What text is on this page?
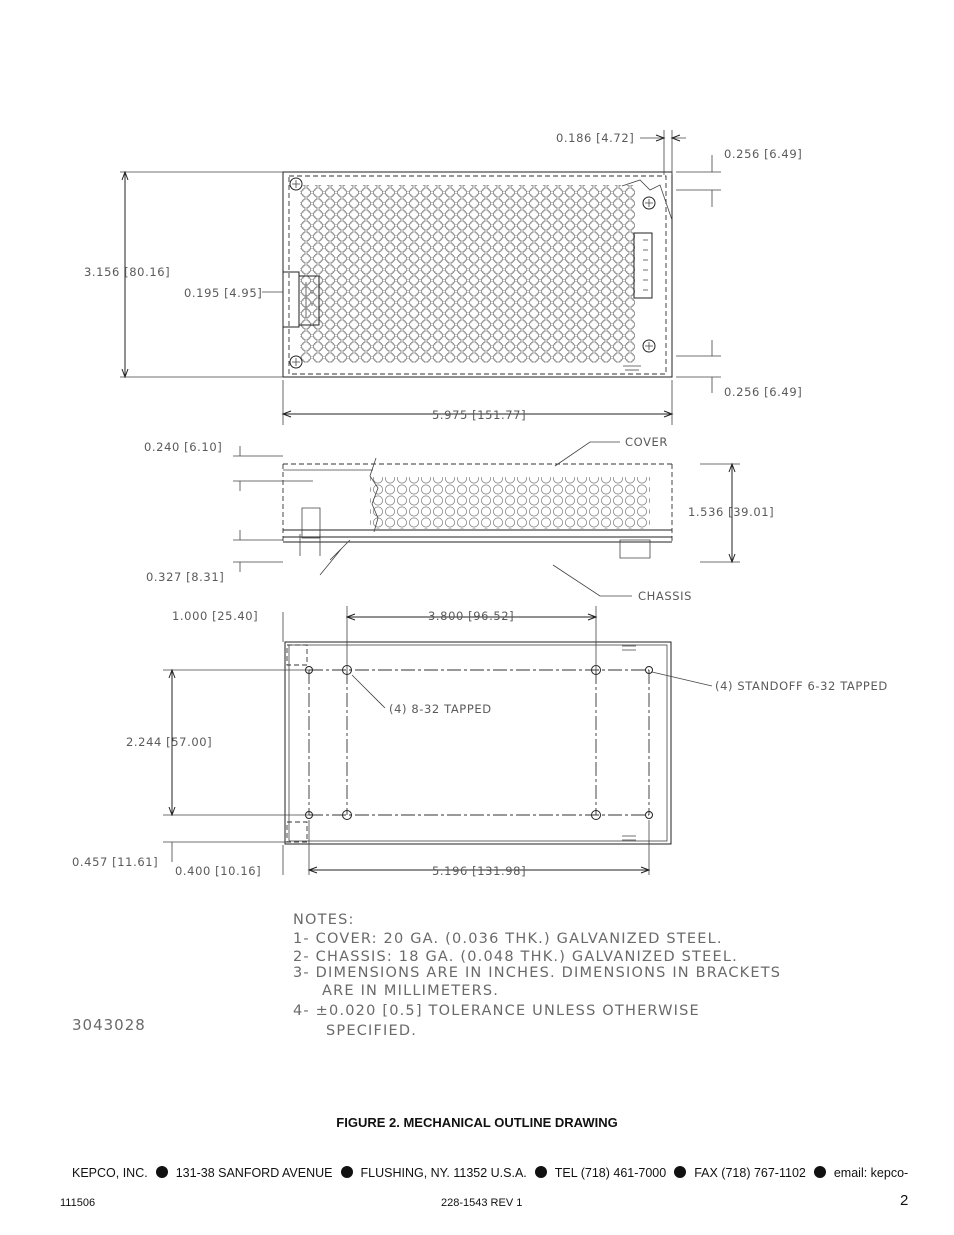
0.186 [4.72]
0.256 [6.49]
3.156 [80.16]
0.195 [4.95]
0.256 [6.49]
5.975 [151.77]
0.240 [6.10]	COVER
1.536 [39.01]
0.327 [8.31]
CHASSIS
1.000 [25.40]	3.800 [96.52]
(4) STANDOFF 6-32 TAPPED
(4) 8-32 TAPPED
2.244 [57.00]
0.457 [11.61]
0.400 [10.16]	5.196 [131.98]
NOTES:
1- COVER: 20 GA. (0.036 THK.) GALVANIZED STEEL.
2- CHASSIS: 18 GA. (0.048 THK.) GALVANIZED STEEL.
3- DIMENSIONS ARE IN INCHES. DIMENSIONS IN BRACKETS
ARE IN MILLIMETERS.
4- ±0.020 [0.5] TOLERANCE UNLESS OTHERWISE
SPECIFIED.
3043028
FIGURE 2. MECHANICAL OUTLINE DRAWING
KEPCO, INC. 131-38 SANFORD AVENUE FLUSHING, NY. 11352 U.S.A. TEL (718) 461-7000 FAX (718) 767-1102 email: kepco-
111506	228-1543 REV 1	2
